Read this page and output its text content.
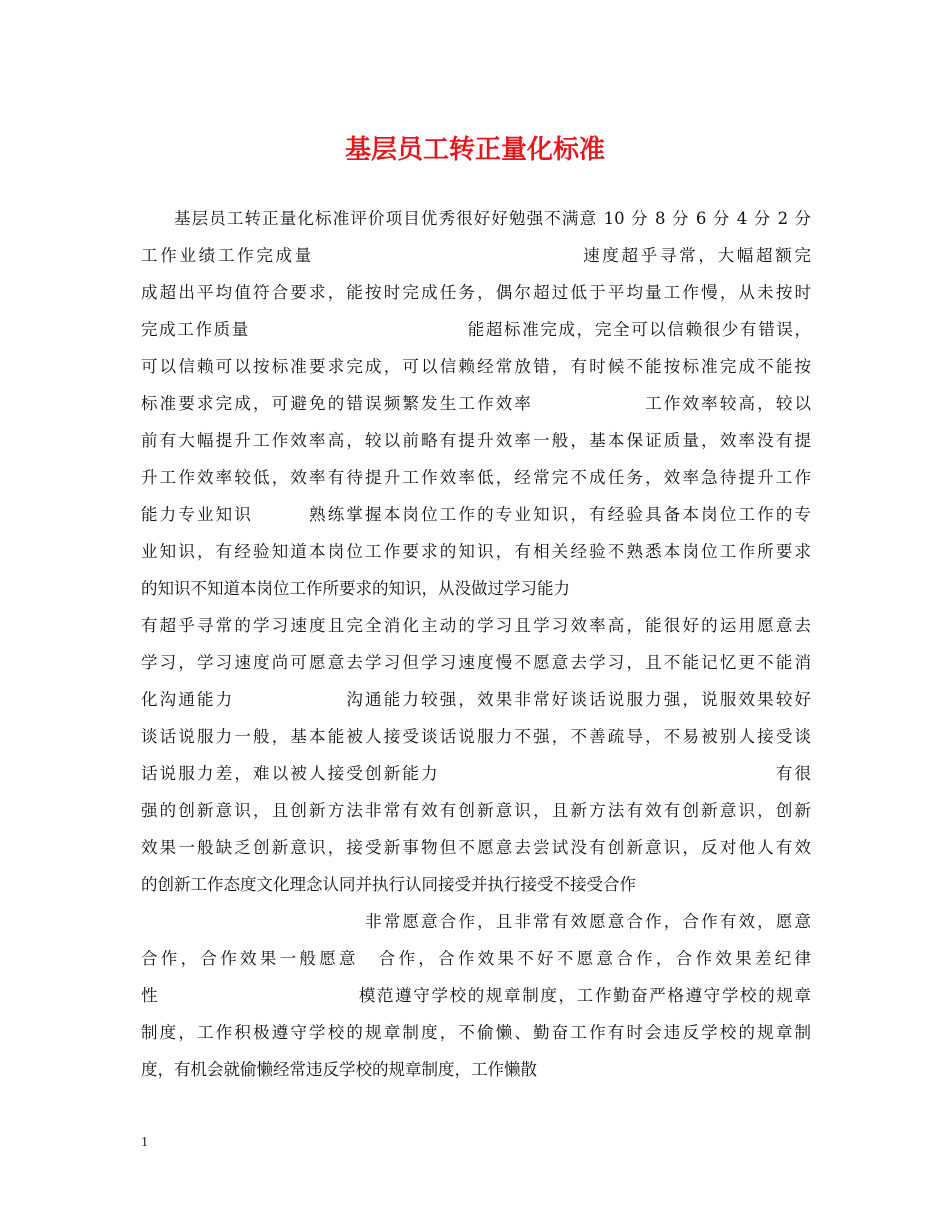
基层员工转正量化标准
基层员工转正量化标准评价项目优秀很好好勉强不满意 10 分 8 分 6 分 4 分 2 分
工作业绩工作完成量　　　　　　　　　　　　　　速度超乎寻常，大幅超额完
成超出平均值符合要求，能按时完成任务，偶尔超过低于平均量工作慢，从未按时
完成工作质量　　　　　　　　　　　　能超标准完成，完全可以信赖很少有错误，
可以信赖可以按标准要求完成，可以信赖经常放错，有时候不能按标准完成不能按
标准要求完成，可避免的错误频繁发生工作效率　　　　　　工作效率较高，较以
前有大幅提升工作效率高，较以前略有提升效率一般，基本保证质量，效率没有提
升工作效率较低，效率有待提升工作效率低，经常完不成任务，效率急待提升工作
能力专业知识　　　熟练掌握本岗位工作的专业知识，有经验具备本岗位工作的专
业知识，有经验知道本岗位工作要求的知识，有相关经验不熟悉本岗位工作所要求
的知识不知道本岗位工作所要求的知识，从没做过学习能力
有超乎寻常的学习速度且完全消化主动的学习且学习效率高，能很好的运用愿意去
学习，学习速度尚可愿意去学习但学习速度慢不愿意去学习，且不能记忆更不能消
化沟通能力　　　　　　沟通能力较强，效果非常好谈话说服力强，说服效果较好
谈话说服力一般，基本能被人接受谈话说服力不强，不善疏导，不易被别人接受谈
话说服力差，难以被人接受创新能力　　　　　　　　　　　　　　　　　　有很
强的创新意识，且创新方法非常有效有创新意识，且新方法有效有创新意识，创新
效果一般缺乏创新意识，接受新事物但不愿意去尝试没有创新意识，反对他人有效
的创新工作态度文化理念认同并执行认同接受并执行接受不接受合作
　　　　　　　　　　　　非常愿意合作，且非常有效愿意合作，合作有效，愿意
合作，合作效果一般愿意　合作，合作效果不好不愿意合作，合作效果差纪律
性　　　　　　　　　　　模范遵守学校的规章制度，工作勤奋严格遵守学校的规章
制度，工作积极遵守学校的规章制度，不偷懒、勤奋工作有时会违反学校的规章制
度，有机会就偷懒经常违反学校的规章制度，工作懒散
1
